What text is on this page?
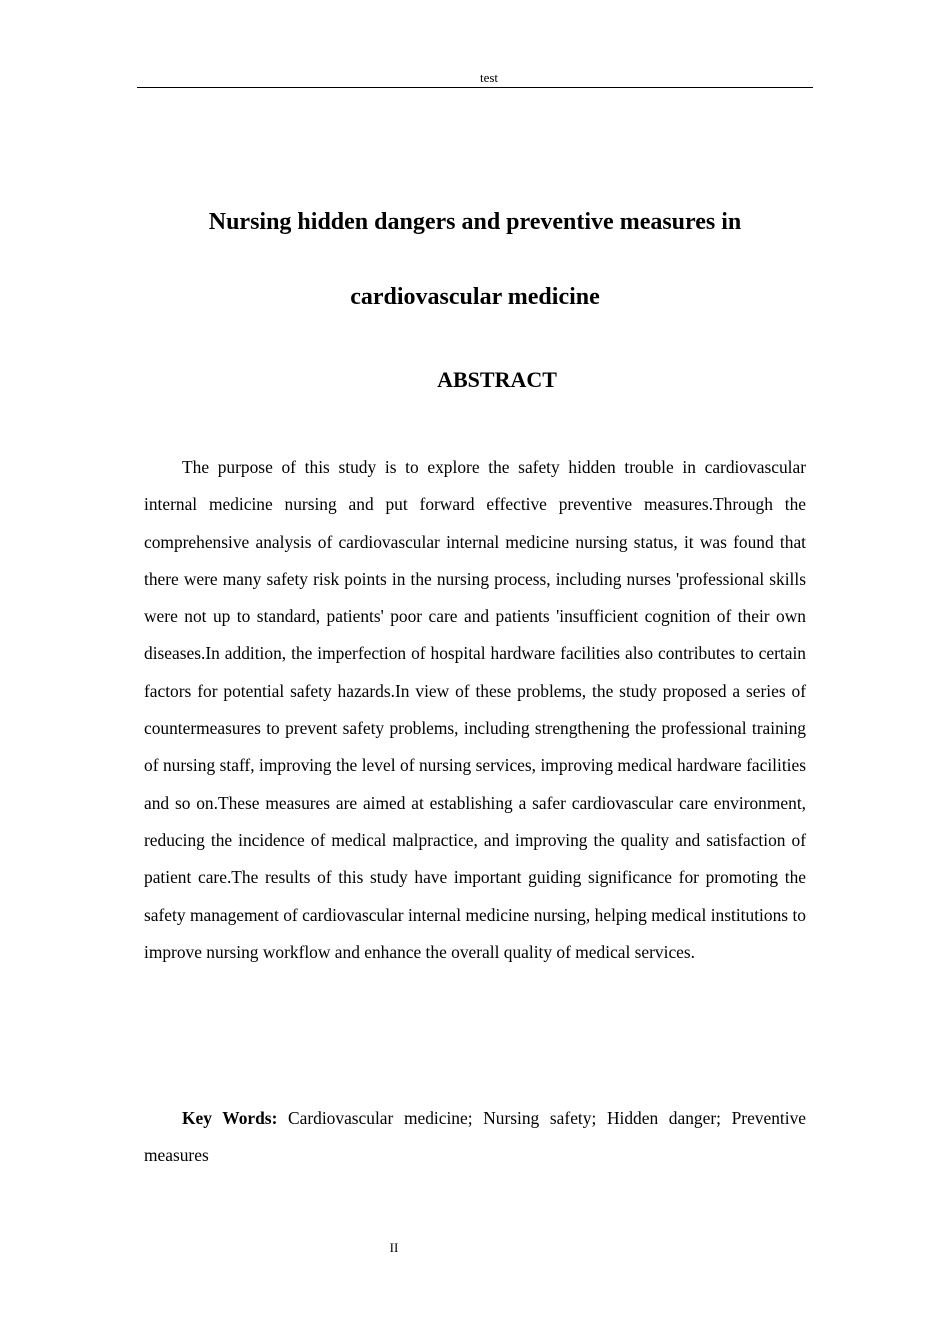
test
Nursing hidden dangers and preventive measures in
cardiovascular medicine
ABSTRACT

The purpose of this study is to explore the safety hidden trouble in cardiovascular internal medicine nursing and put forward effective preventive measures.Through the comprehensive analysis of cardiovascular internal medicine nursing status, it was found that there were many safety risk points in the nursing process, including nurses 'professional skills were not up to standard, patients' poor care and patients 'insufficient cognition of their own diseases.In addition, the imperfection of hospital hardware facilities also contributes to certain factors for potential safety hazards.In view of these problems, the study proposed a series of countermeasures to prevent safety problems, including strengthening the professional training of nursing staff, improving the level of nursing services, improving medical hardware facilities and so on.These measures are aimed at establishing a safer cardiovascular care environment, reducing the incidence of medical malpractice, and improving the quality and satisfaction of patient care.The results of this study have important guiding significance for promoting the safety management of cardiovascular internal medicine nursing, helping medical institutions to improve nursing workflow and enhance the overall quality of medical services.

Key Words: Cardiovascular medicine; Nursing safety; Hidden danger; Preventive measures

II
